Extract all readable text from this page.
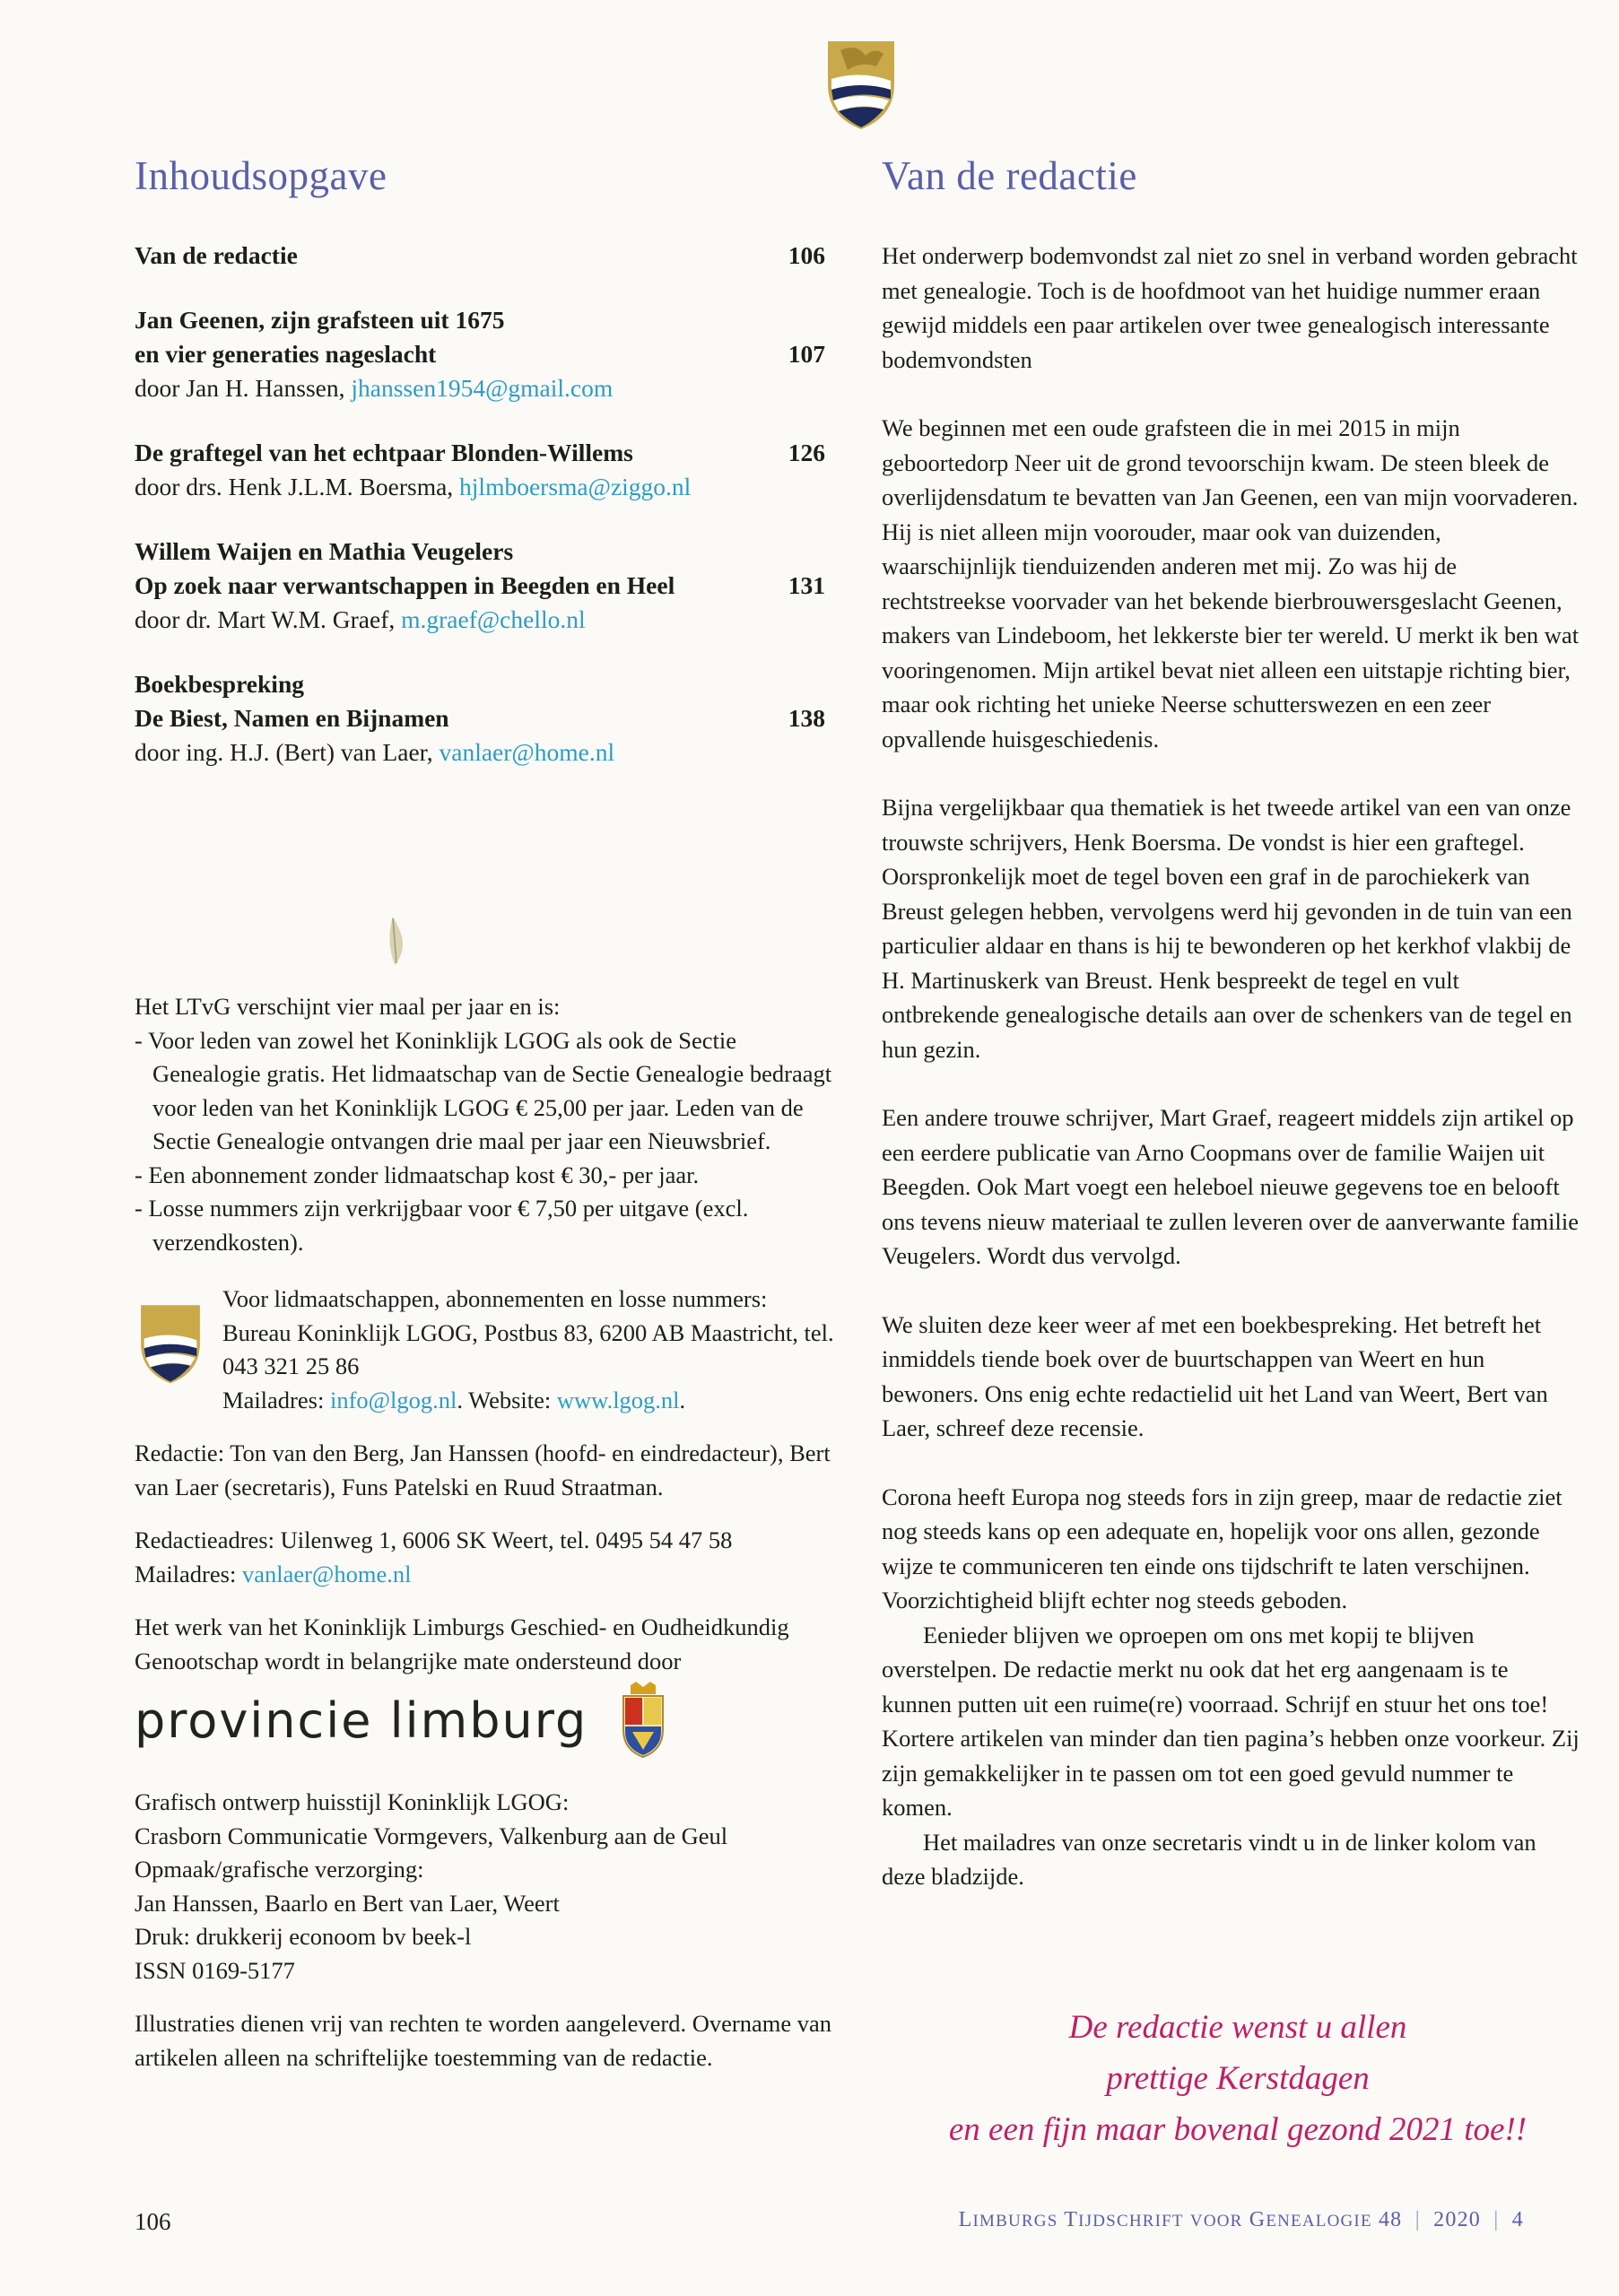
Inhoudsopgave
Van de redactie	106
Jan Geenen, zijn grafsteen uit 1675
en vier generaties nageslacht	107
door Jan H. Hanssen, jhanssen1954@gmail.com
De graftegel van het echtpaar Blonden-Willems	126
door drs. Henk J.L.M. Boersma, hjlmboersma@ziggo.nl
Willem Waijen en Mathia Veugelers
Op zoek naar verwantschappen in Beegden en Heel	131
door dr. Mart W.M. Graef, m.graef@chello.nl
Boekbespreking
De Biest, Namen en Bijnamen	138
door ing. H.J. (Bert) van Laer, vanlaer@home.nl

Het LTvG verschijnt vier maal per jaar en is:

- Voor leden van zowel het Koninklijk LGOG als ook de Sectie Genealogie gratis. Het lidmaatschap van de Sectie Genealogie bedraagt voor leden van het Koninklijk LGOG € 25,00 per jaar. Leden van de Sectie Genealogie ontvangen drie maal per jaar een Nieuwsbrief.
- Een abonnement zonder lidmaatschap kost € 30,- per jaar.
- Losse nummers zijn verkrijgbaar voor € 7,50 per uitgave (excl. verzendkosten).
Voor lidmaatschappen, abonnementen en losse nummers: Bureau Koninklijk LGOG, Postbus 83, 6200 AB Maastricht, tel. 043 321 25 86
Mailadres: info@lgog.nl. Website: www.lgog.nl.

Redactie: Ton van den Berg, Jan Hanssen (hoofd- en eindredacteur), Bert van Laer (secretaris), Funs Patelski en Ruud Straatman.

Redactieadres: Uilenweg 1, 6006 SK Weert, tel. 0495 54 47 58
Mailadres: vanlaer@home.nl

Het werk van het Koninklijk Limburgs Geschied- en Oudheidkundig Genootschap wordt in belangrijke mate ondersteund door

provincie limburg
Grafisch ontwerp huisstijl Koninklijk LGOG:
Crasborn Communicatie Vormgevers, Valkenburg aan de Geul
Opmaak/grafische verzorging:
Jan Hanssen, Baarlo en Bert van Laer, Weert
Druk: drukkerij econoom bv beek-l
ISSN 0169-5177

Illustraties dienen vrij van rechten te worden aangeleverd. Overname van artikelen alleen na schriftelijke toestemming van de redactie.

Van de redactie

Het onderwerp bodemvondst zal niet zo snel in verband worden gebracht met genealogie. Toch is de hoofdmoot van het huidige nummer eraan gewijd middels een paar artikelen over twee genealogisch interessante bodemvondsten

We beginnen met een oude grafsteen die in mei 2015 in mijn geboortedorp Neer uit de grond tevoorschijn kwam. De steen bleek de overlijdensdatum te bevatten van Jan Geenen, een van mijn voorvaderen. Hij is niet alleen mijn voorouder, maar ook van duizenden, waarschijnlijk tienduizenden anderen met mij. Zo was hij de rechtstreekse voorvader van het bekende bierbrouwersgeslacht Geenen, makers van Lindeboom, het lekkerste bier ter wereld. U merkt ik ben wat vooringenomen. Mijn artikel bevat niet alleen een uitstapje richting bier, maar ook richting het unieke Neerse schutterswezen en een zeer opvallende huisgeschiedenis.

Bijna vergelijkbaar qua thematiek is het tweede artikel van een van onze trouwste schrijvers, Henk Boersma. De vondst is hier een graftegel. Oorspronkelijk moet de tegel boven een graf in de parochiekerk van Breust gelegen hebben, vervolgens werd hij gevonden in de tuin van een particulier aldaar en thans is hij te bewonderen op het kerkhof vlakbij de H. Martinuskerk van Breust. Henk bespreekt de tegel en vult ontbrekende genealogische details aan over de schenkers van de tegel en hun gezin.

Een andere trouwe schrijver, Mart Graef, reageert middels zijn artikel op een eerdere publicatie van Arno Coopmans over de familie Waijen uit Beegden. Ook Mart voegt een heleboel nieuwe gegevens toe en belooft ons tevens nieuw materiaal te zullen leveren over de aanverwante familie Veugelers. Wordt dus vervolgd.

We sluiten deze keer weer af met een boekbespreking. Het betreft het inmiddels tiende boek over de buurtschappen van Weert en hun bewoners. Ons enig echte redactielid uit het Land van Weert, Bert van Laer, schreef deze recensie.

Corona heeft Europa nog steeds fors in zijn greep, maar de redactie ziet nog steeds kans op een adequate en, hopelijk voor ons allen, gezonde wijze te communiceren ten einde ons tijdschrift te laten verschijnen. Voorzichtigheid blijft echter nog steeds geboden.

Eenieder blijven we oproepen om ons met kopij te blijven overstelpen. De redactie merkt nu ook dat het erg aangenaam is te kunnen putten uit een ruime(re) voorraad. Schrijf en stuur het ons toe! Kortere artikelen van minder dan tien pagina’s hebben onze voorkeur. Zij zijn gemakkelijker in te passen om tot een goed gevuld nummer te komen.

Het mailadres van onze secretaris vindt u in de linker kolom van deze bladzijde.

De redactie wenst u allen
prettige Kerstdagen
en een fijn maar bovenal gezond 2021 toe!!
106	LIMBURGS TIJDSCHRIFT VOOR GENEALOGIE 48  |  2020  |  4
